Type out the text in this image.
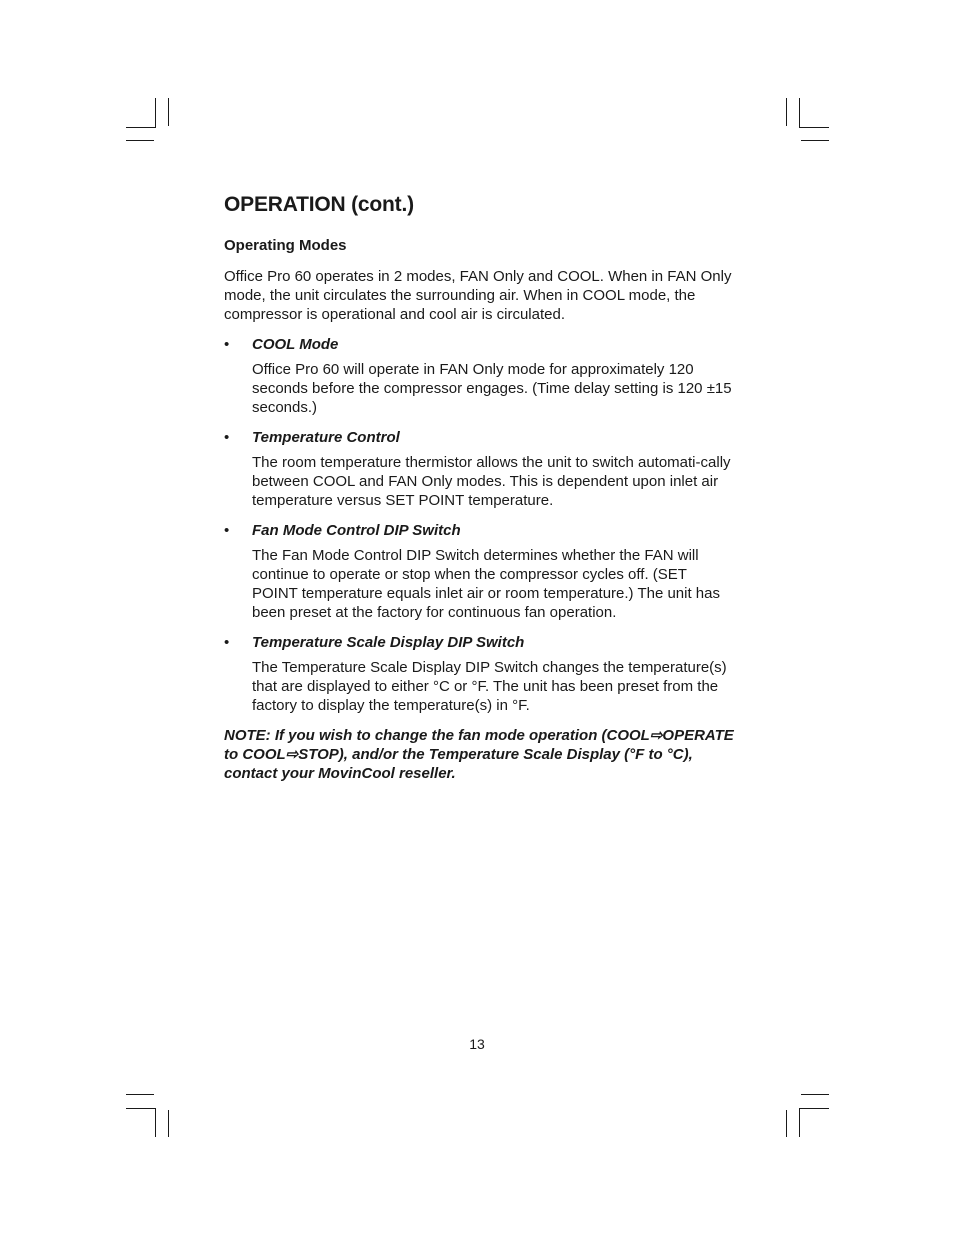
OPERATION (cont.)
Operating Modes

Office Pro 60 operates in 2 modes, FAN Only and COOL. When in FAN Only mode, the unit circulates the surrounding air. When in COOL mode, the compressor is operational and cool air is circulated.

• COOL Mode

Office Pro 60 will operate in FAN Only mode for approximately 120 seconds before the compressor engages. (Time delay setting is 120 ±15 seconds.)

• Temperature Control

The room temperature thermistor allows the unit to switch automati-cally between COOL and FAN Only modes. This is dependent upon inlet air temperature versus SET POINT temperature.

• Fan Mode Control DIP Switch

The Fan Mode Control DIP Switch determines whether the FAN will continue to operate or stop when the compressor cycles off. (SET POINT temperature equals inlet air or room temperature.) The unit has been preset at the factory for continuous fan operation.

• Temperature Scale Display DIP Switch

The Temperature Scale Display DIP Switch changes the temperature(s) that are displayed to either °C or °F. The unit has been preset from the factory to display the temperature(s) in °F.

NOTE: If you wish to change the fan mode operation (COOL⇨OPERATE to COOL⇨STOP), and/or the Temperature Scale Display (°F to °C), contact your MovinCool reseller.

13
